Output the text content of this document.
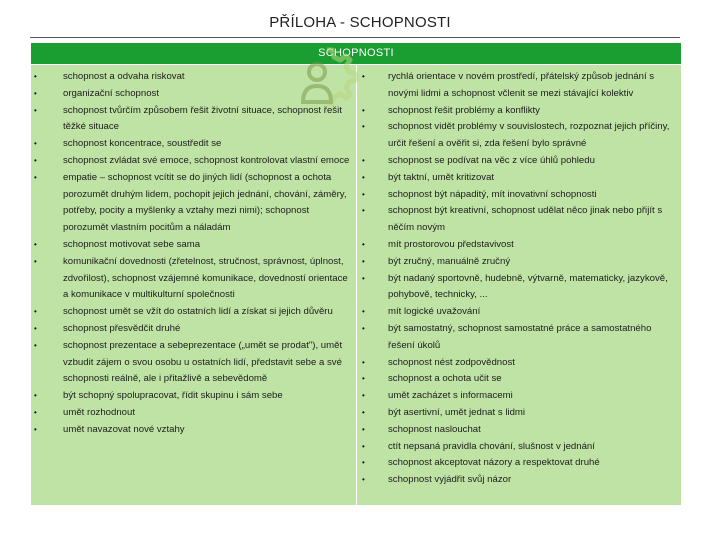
PŘÍLOHA - SCHOPNOSTI
SCHOPNOSTI
•	schopnost a odvaha riskovat
•	organizační schopnost
•	schopnost tvůrčím způsobem řešit životní situace, schopnost řešit těžké situace
•	schopnost koncentrace, soustředit se
•	schopnost zvládat své emoce, schopnost kontrolovat vlastní emoce
•	empatie – schopnost vcítit se do jiných lidí (schopnost a ochota porozumět druhým lidem, pochopit jejich jednání, chování, záměry, potřeby, pocity a myšlenky a vztahy mezi nimi); schopnost porozumět vlastním pocitům a náladám
•	schopnost motivovat sebe sama
•	komunikační dovednosti (zřetelnost, stručnost, správnost, úplnost, zdvořilost), schopnost vzájemné komunikace, dovedností orientace a komunikace v multikulturní společnosti
•	schopnost umět se vžít do ostatních lidí a získat si jejich důvěru
•	schopnost přesvědčit druhé
•	schopnost prezentace a sebeprezentace („umět se prodat"), umět vzbudit zájem o svou osobu u ostatních lidí, představit sebe a své schopnosti reálně, ale i přitažlivě a sebevědomě
•	být schopný spolupracovat, řídit skupinu i sám sebe
•	umět rozhodnout
•	umět navazovat nové vztahy
• rychlá orientace v novém prostředí, přátelský způsob jednání s novými lidmi a schopnost včlenit se mezi stávající kolektiv
• schopnost řešit problémy a konflikty
• schopnost vidět problémy v souvislostech, rozpoznat jejich příčiny, určit řešení a ověřit si, zda řešení bylo správné
• schopnost se podívat na věc z více úhlů pohledu
• být taktní, umět kritizovat
• schopnost být nápaditý, mít inovativní schopnosti
• schopnost být kreativní, schopnost udělat něco jinak nebo přijít s něčím novým
• mít prostorovou představivost
• být zručný, manuálně zručný
• být nadaný sportovně, hudebně, výtvarně, matematicky, jazykově, pohybově, technicky, ...
• mít logické uvažování
• být samostatný, schopnost samostatné práce a samostatného řešení úkolů
• schopnost nést zodpovědnost
• schopnost a ochota učit se
• umět zacházet s informacemi
• být asertivní, umět jednat s lidmi
• schopnost naslouchat
• ctít nepsaná pravidla chování, slušnost v jednání
• schopnost akceptovat názory a respektovat druhé
• schopnost vyjádřit svůj názor
